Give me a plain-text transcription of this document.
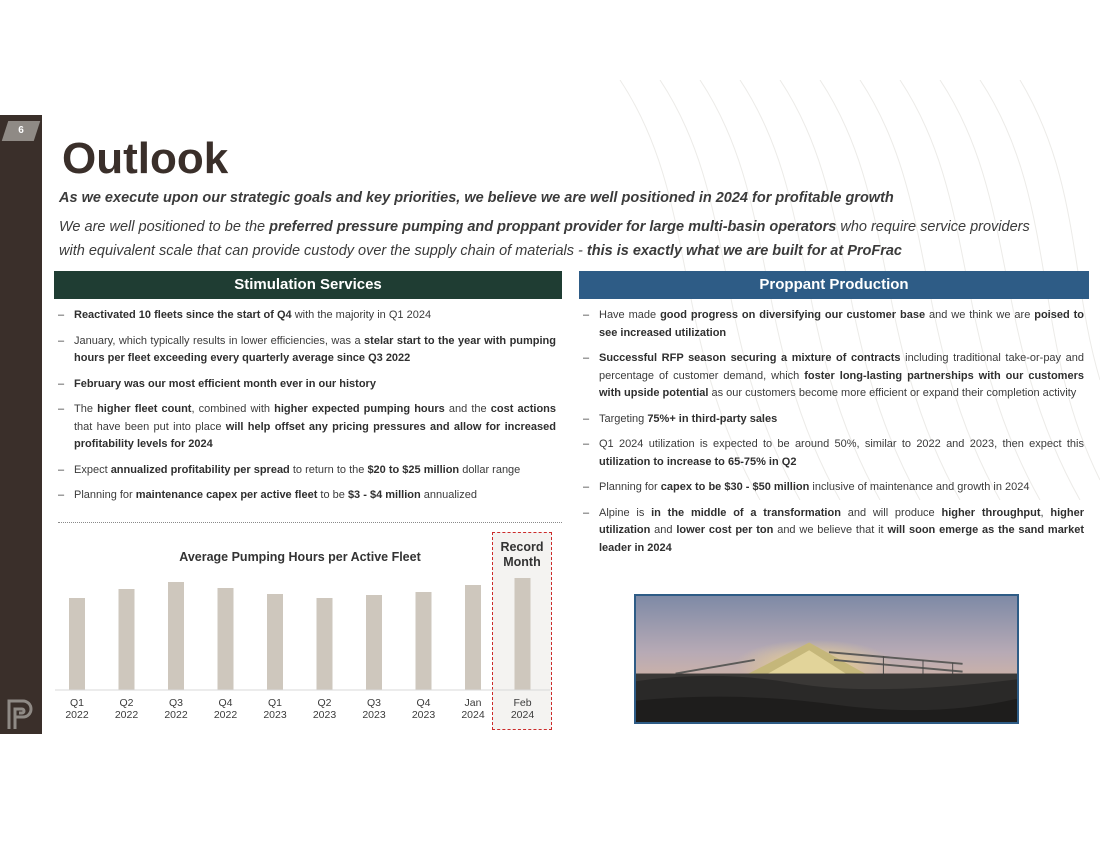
6
Outlook
As we execute upon our strategic goals and key priorities, we believe we are well positioned in 2024 for profitable growth
We are well positioned to be the preferred pressure pumping and proppant provider for large multi-basin operators who require service providers with equivalent scale that can provide custody over the supply chain of materials - this is exactly what we are built for at ProFrac
Stimulation Services	Proppant Production
– Reactivated 10 fleets since the start of Q4 with the majority in Q1 2024
– January, which typically results in lower efficiencies, was a stelar start to the year with pumping hours per fleet exceeding every quarterly average since Q3 2022
– February was our most efficient month ever in our history
– The higher fleet count, combined with higher expected pumping hours and the cost actions that have been put into place will help offset any pricing pressures and allow for increased profitability levels for 2024
– Expect annualized profitability per spread to return to the $20 to $25 million dollar range
– Planning for maintenance capex per active fleet to be $3 - $4 million annualized
– Have made good progress on diversifying our customer base and we think we are poised to see increased utilization
– Successful RFP season securing a mixture of contracts including traditional take-or-pay and percentage of customer demand, which foster long-lasting partnerships with our customers with upside potential as our customers become more efficient or expand their completion activity
– Targeting 75%+ in third-party sales
– Q1 2024 utilization is expected to be around 50%, similar to 2022 and 2023, then expect this utilization to increase to 65-75% in Q2
– Planning for capex to be $30 - $50 million inclusive of maintenance and growth in 2024
– Alpine is in the middle of a transformation and will produce higher throughput, higher utilization and lower cost per ton and we believe that it will soon emerge as the sand market leader in 2024
Record
Month
Average Pumping Hours per Active Fleet
Q1
2022
Q2
2022
Q3
2022
Q4
2022
Q1
2023
Q2
2023
Q3
2023
Q4
2023
Jan
2024
Feb
2024
